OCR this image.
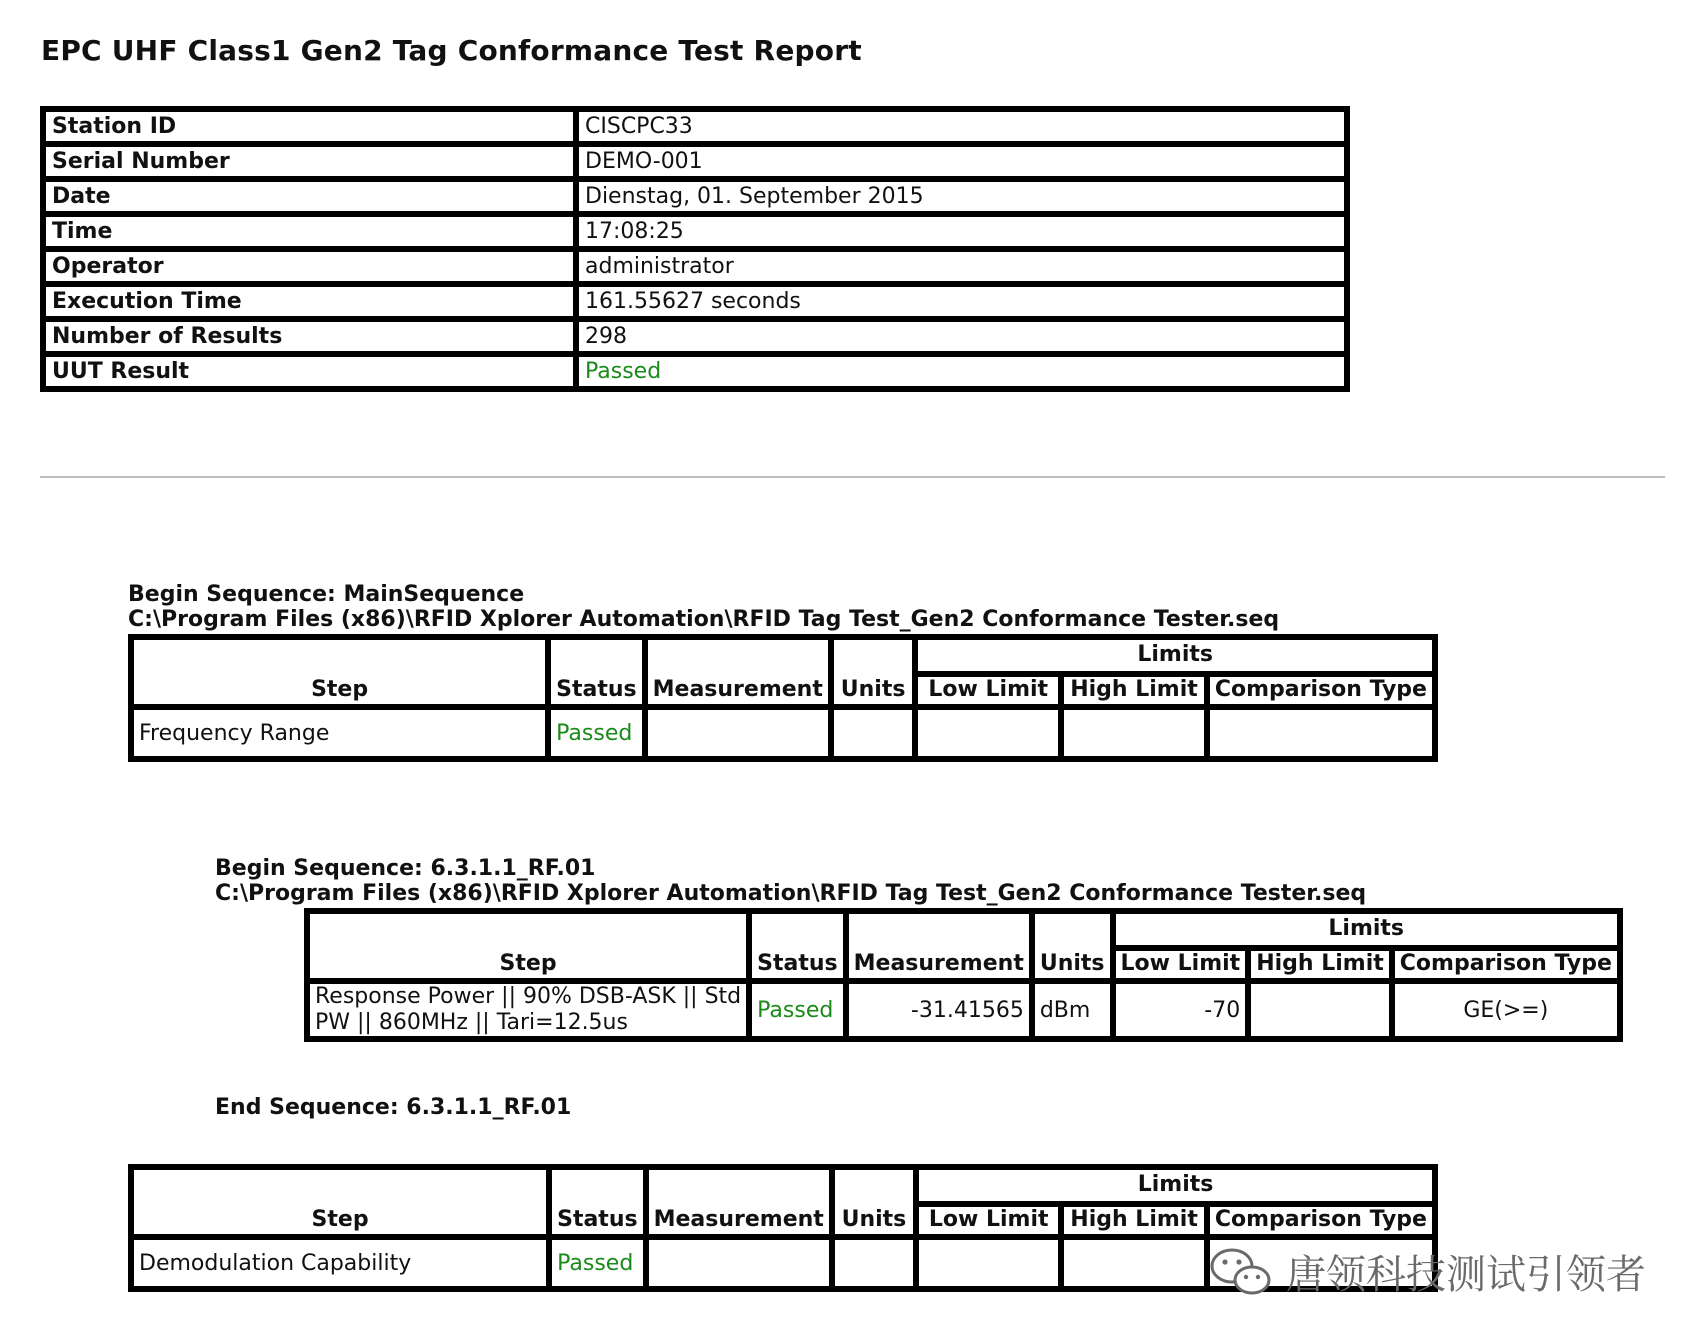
EPC UHF Class1 Gen2 Tag Conformance Test Report
Station ID	CISCPC33
Serial Number	DEMO-001
Date	Dienstag, 01. September 2015
Time	17:08:25
Operator	administrator
Execution Time	161.55627 seconds
Number of Results	298
UUT Result	Passed
Begin Sequence: MainSequence
C:\Program Files (x86)\RFID Xplorer Automation\RFID Tag Test_Gen2 Conformance Tester.seq
Step	Status	Measurement	Units	Limits		
				Low Limit	High Limit	Comparison Type
Frequency Range	Passed					
Begin Sequence: 6.3.1.1_RF.01
C:\Program Files (x86)\RFID Xplorer Automation\RFID Tag Test_Gen2 Conformance Tester.seq
Step	Status	Measurement	Units	Limits		
				Low Limit	High Limit	Comparison Type

Response Power || 90% DSB-ASK || Std
PW || 860MHz || Tari=12.5us	Passed	-31.41565	dBm	-70		GE(>=)
End Sequence: 6.3.1.1_RF.01
Step	Status	Measurement	Units	Limits		
				Low Limit	High Limit	Comparison Type
Demodulation Capability	Passed						唐领科技测试引领者
